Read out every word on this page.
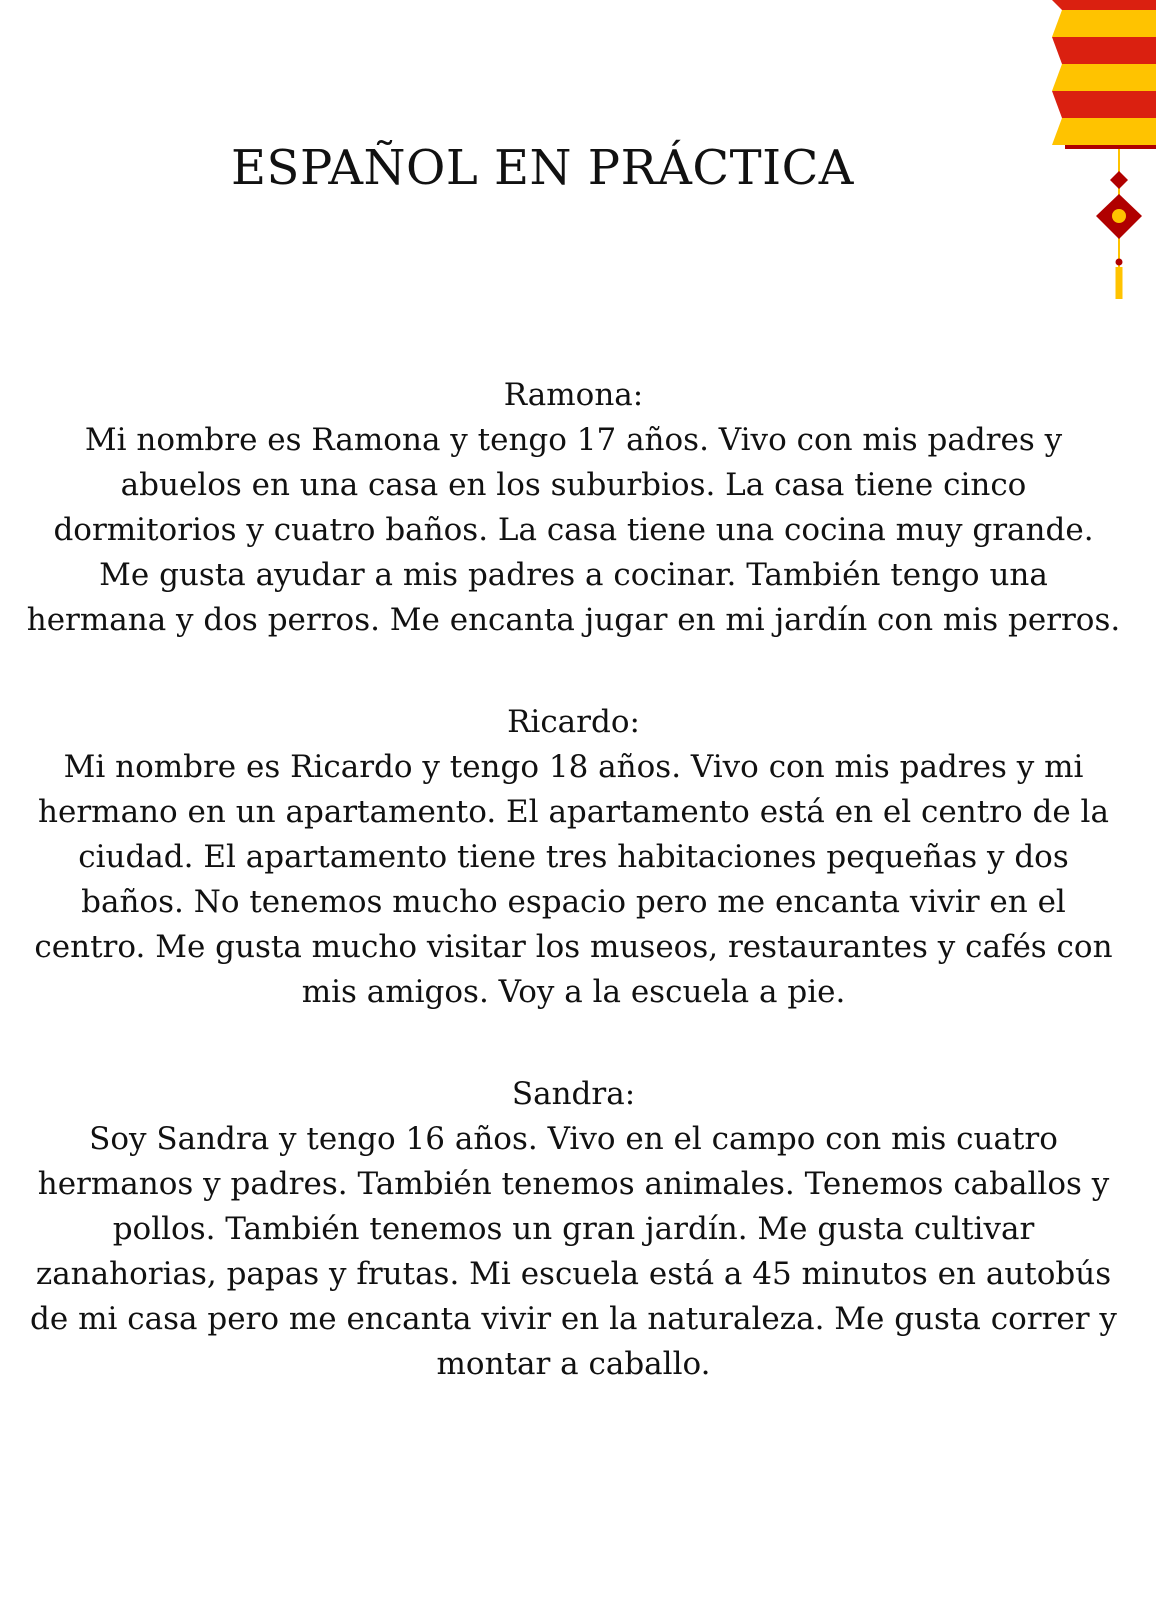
ESPAÑOL EN PRÁCTICA
Ramona:

Mi nombre es Ramona y tengo 17 años. Vivo con mis padres y abuelos en una casa en los suburbios. La casa tiene cinco dormitorios y cuatro baños. La casa tiene una cocina muy grande. Me gusta ayudar a mis padres a cocinar. También tengo una hermana y dos perros. Me encanta jugar en mi jardín con mis perros.

Ricardo:

Mi nombre es Ricardo y tengo 18 años. Vivo con mis padres y mi hermano en un apartamento. El apartamento está en el centro de la ciudad. El apartamento tiene tres habitaciones pequeñas y dos baños. No tenemos mucho espacio pero me encanta vivir en el centro. Me gusta mucho visitar los museos, restaurantes y cafés con mis amigos. Voy a la escuela a pie.

Sandra:

Soy Sandra y tengo 16 años. Vivo en el campo con mis cuatro hermanos y padres. También tenemos animales. Tenemos caballos y pollos. También tenemos un gran jardín. Me gusta cultivar zanahorias, papas y frutas. Mi escuela está a 45 minutos en autobús de mi casa pero me encanta vivir en la naturaleza. Me gusta correr y montar a caballo.
